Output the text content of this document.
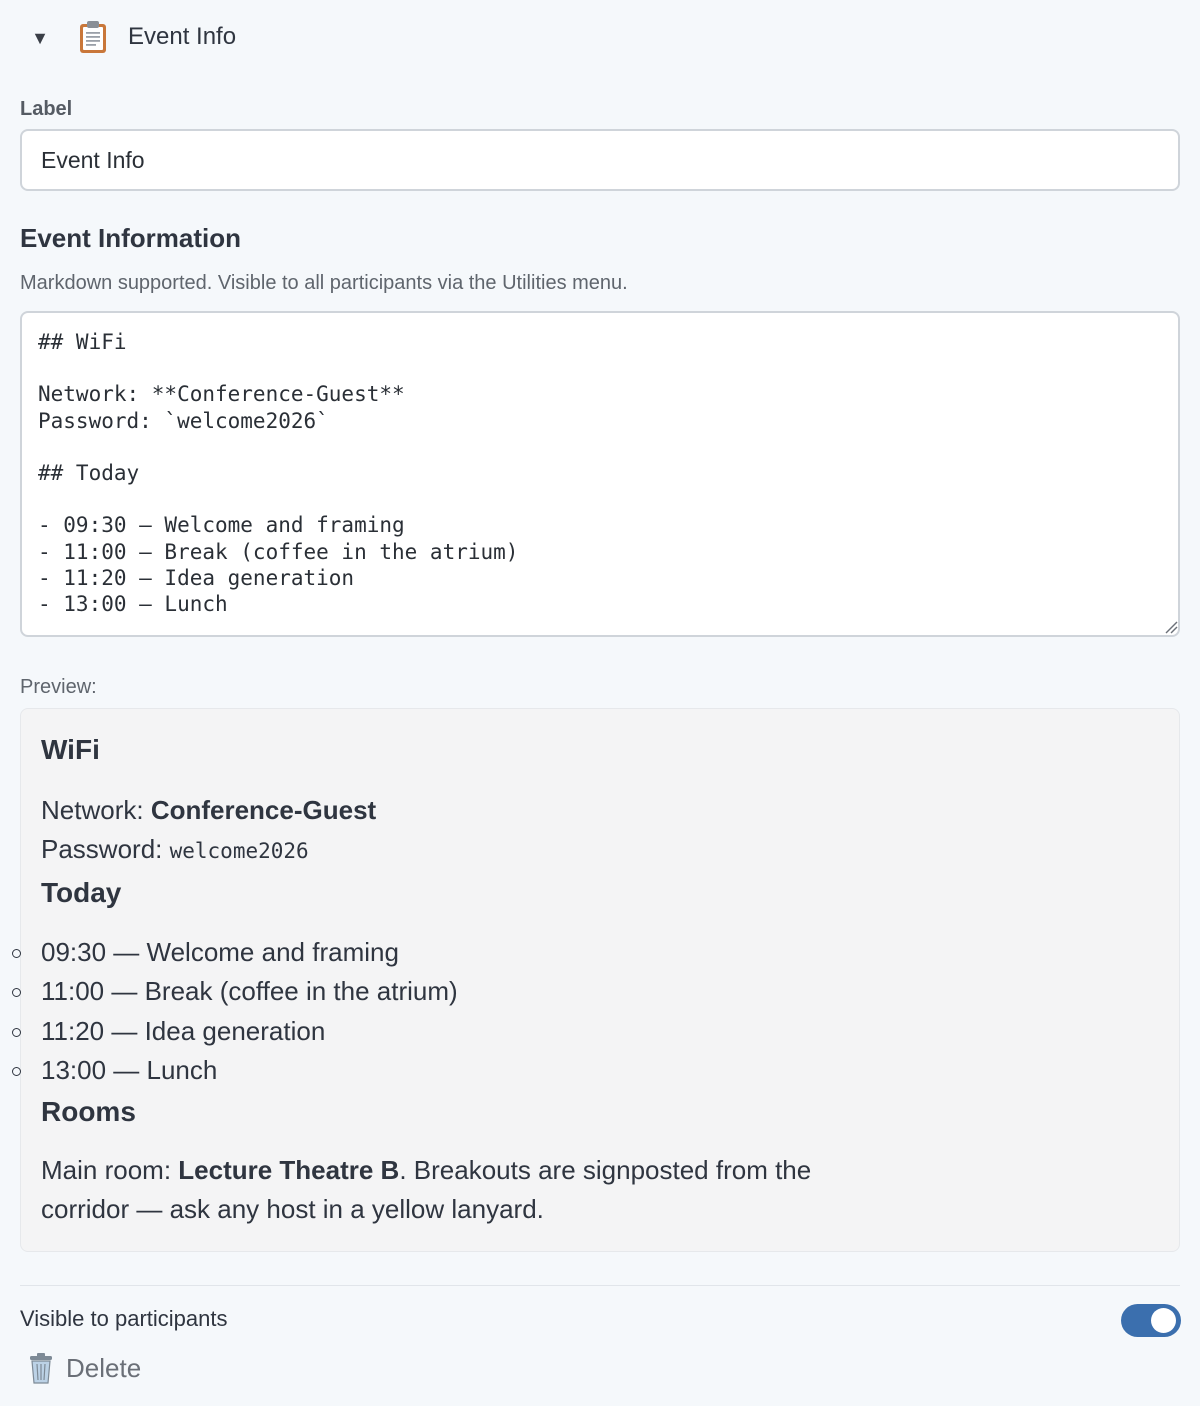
▼	Event Info
Label
Event Info
Event Information
Markdown supported. Visible to all participants via the Utilities menu.
## WiFi Network: **Conference-Guest** Password: `welcome2026` ## Today - 09:30 — Welcome and framing - 11:00 — Break (coffee in the atrium) - 11:20 — Idea generation - 13:00 — Lunch
Preview:
WiFi
Network: Conference-Guest
Password: welcome2026
Today
09:30 — Welcome and framing
11:00 — Break (coffee in the atrium)
11:20 — Idea generation
13:00 — Lunch
Rooms
Main room: Lecture Theatre B. Breakouts are signposted from the
corridor — ask any host in a yellow lanyard.
Visible to participants
Delete
